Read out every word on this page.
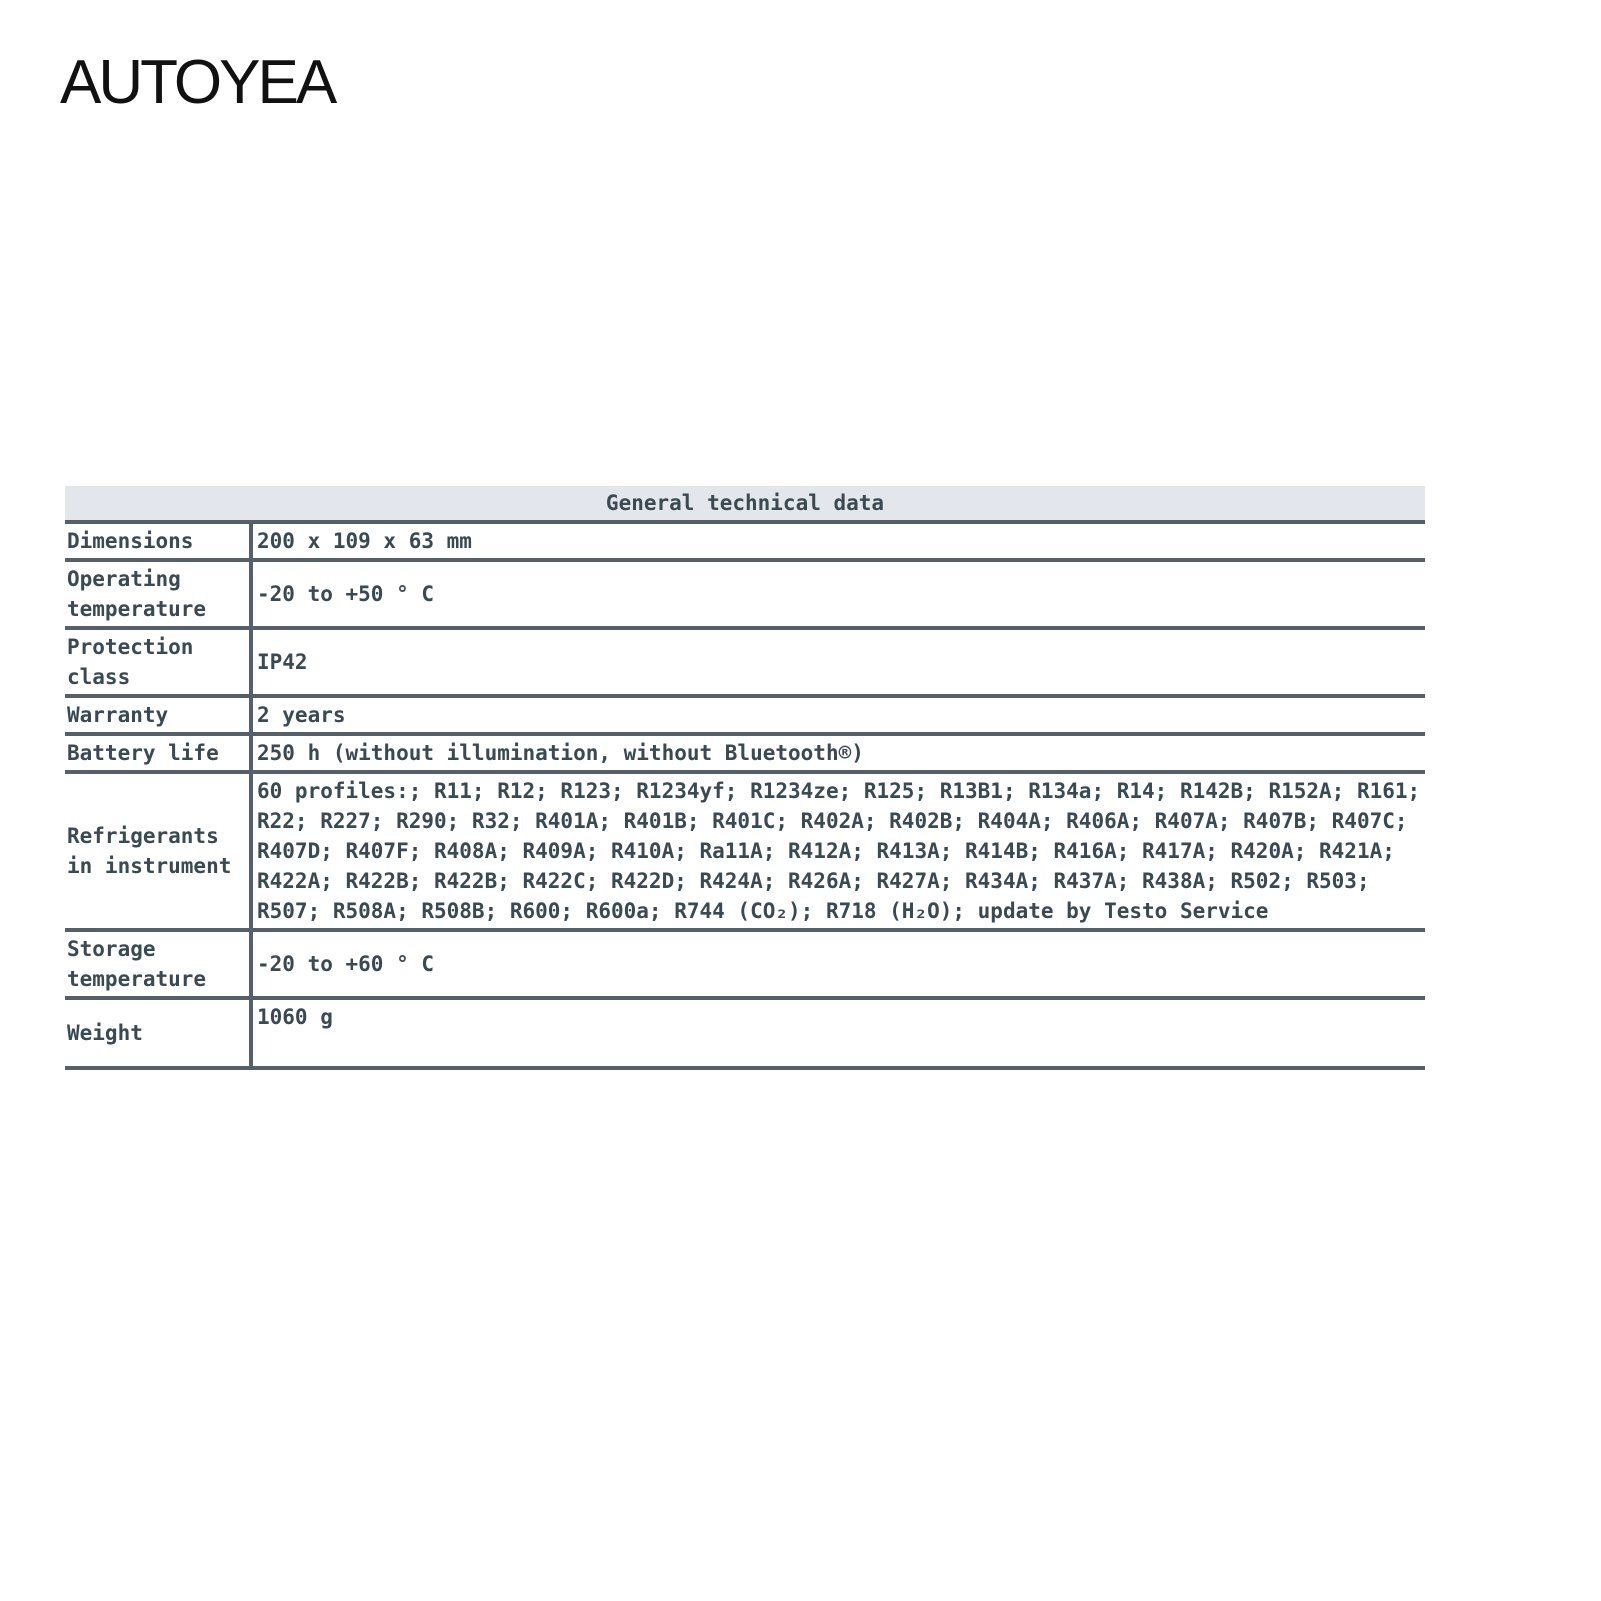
AUTOYEA
General technical data	
Dimensions	200 x 109 x 63 mm
Operating temperature	-20 to +50 ° C
Protection class	IP42
Warranty	2 years
Battery life	250 h (without illumination, without Bluetooth®)
Refrigerants in instrument	60 profiles:; R11; R12; R123; R1234yf; R1234ze; R125; R13B1; R134a; R14; R142B; R152A; R161; R22; R227; R290; R32; R401A; R401B; R401C; R402A; R402B; R404A; R406A; R407A; R407B; R407C; R407D; R407F; R408A; R409A; R410A; Ra11A; R412A; R413A; R414B; R416A; R417A; R420A; R421A; R422A; R422B; R422B; R422C; R422D; R424A; R426A; R427A; R434A; R437A; R438A; R502; R503; R507; R508A; R508B; R600; R600a; R744 (CO₂); R718 (H₂O); update by Testo Service
Storage temperature	-20 to +60 ° C
Weight	1060 g
